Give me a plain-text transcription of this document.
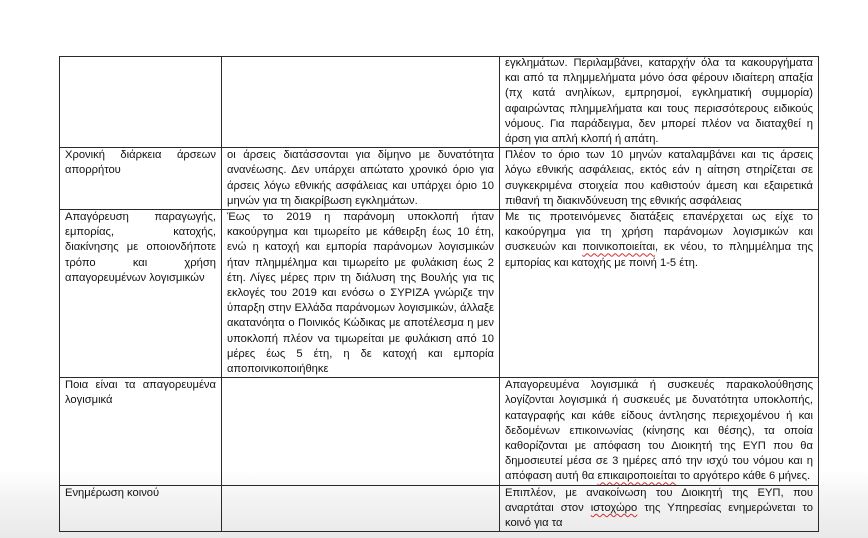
		εγκλημάτων. Περιλαμβάνει, καταρχήν όλα τα κακουργήματα και από τα πλημμελήματα μόνο όσα φέρουν ιδιαίτερη απαξία (πχ κατά ανηλίκων, εμπρησμοί, εγκληματική συμμορία) αφαιρώντας πλημμελήματα και τους περισσότερους ειδικούς νόμους. Για παράδειγμα, δεν μπορεί πλέον να διαταχθεί η άρση για απλή κλοπή ή απάτη.

Χρονική διάρκεια άρσεων απορρήτου	οι άρσεις διατάσσονται για δίμηνο με δυνατότητα ανανέωσης. Δεν υπάρχει απώτατο χρονικό όριο για άρσεις λόγω εθνικής ασφάλειας και υπάρχει όριο 10 μηνών για τη διακρίβωση εγκλημάτων.	Πλέον το όριο των 10 μηνών καταλαμβάνει και τις άρσεις λόγω εθνικής ασφάλειας, εκτός εάν η αίτηση στηρίζεται σε συγκεκριμένα στοιχεία που καθιστούν άμεση και εξαιρετικά πιθανή τη διακινδύνευση της εθνικής ασφάλειας

Απαγόρευση παραγωγής, εμπορίας, κατοχής, διακίνησης με οποιονδήποτε τρόπο και χρήση απαγορευμένων λογισμικών	Έως το 2019 η παράνομη υποκλοπή ήταν κακούργημα και τιμωρείτο με κάθειρξη έως 10 έτη, ενώ η κατοχή και εμπορία παράνομων λογισμικών ήταν πλημμέλημα και τιμωρείτο με φυλάκιση έως 2 έτη. Λίγες μέρες πριν τη διάλυση της Βουλής για τις εκλογές του 2019 και ενόσω ο ΣΥΡΙΖΑ γνώριζε την ύπαρξη στην Ελλάδα παράνομων λογισμικών, άλλαξε ακατανόητα ο Ποινικός Κώδικας με αποτέλεσμα η μεν υποκλοπή πλέον να τιμωρείται με φυλάκιση από 10 μέρες έως 5 έτη, η δε κατοχή και εμπορία αποποινικοποιήθηκε	Με τις προτεινόμενες διατάξεις επανέρχεται ως είχε το κακούργημα για τη χρήση παράνομων λογισμικών και συσκευών και ποινικοποιείται, εκ νέου, το πλημμέλημα της εμπορίας και κατοχής με ποινή 1-5 έτη.

Ποια είναι τα απαγορευμένα λογισμικά		Απαγορευμένα λογισμικά ή συσκευές παρακολούθησης λογίζονται λογισμικά ή συσκευές με δυνατότητα υποκλοπής, καταγραφής και κάθε είδους άντλησης περιεχομένου ή και δεδομένων επικοινωνίας (κίνησης και θέσης), τα οποία καθορίζονται με απόφαση του Διοικητή της ΕΥΠ που θα δημοσιευτεί μέσα σε 3 ημέρες από την ισχύ του νόμου και η απόφαση αυτή θα επικαιροποιείται το αργότερο κάθε 6 μήνες.

Ενημέρωση κοινού		Επιπλέον, με ανακοίνωση του Διοικητή της ΕΥΠ, που αναρτάται στον ιστοχώρο της Υπηρεσίας ενημερώνεται το κοινό για τα
